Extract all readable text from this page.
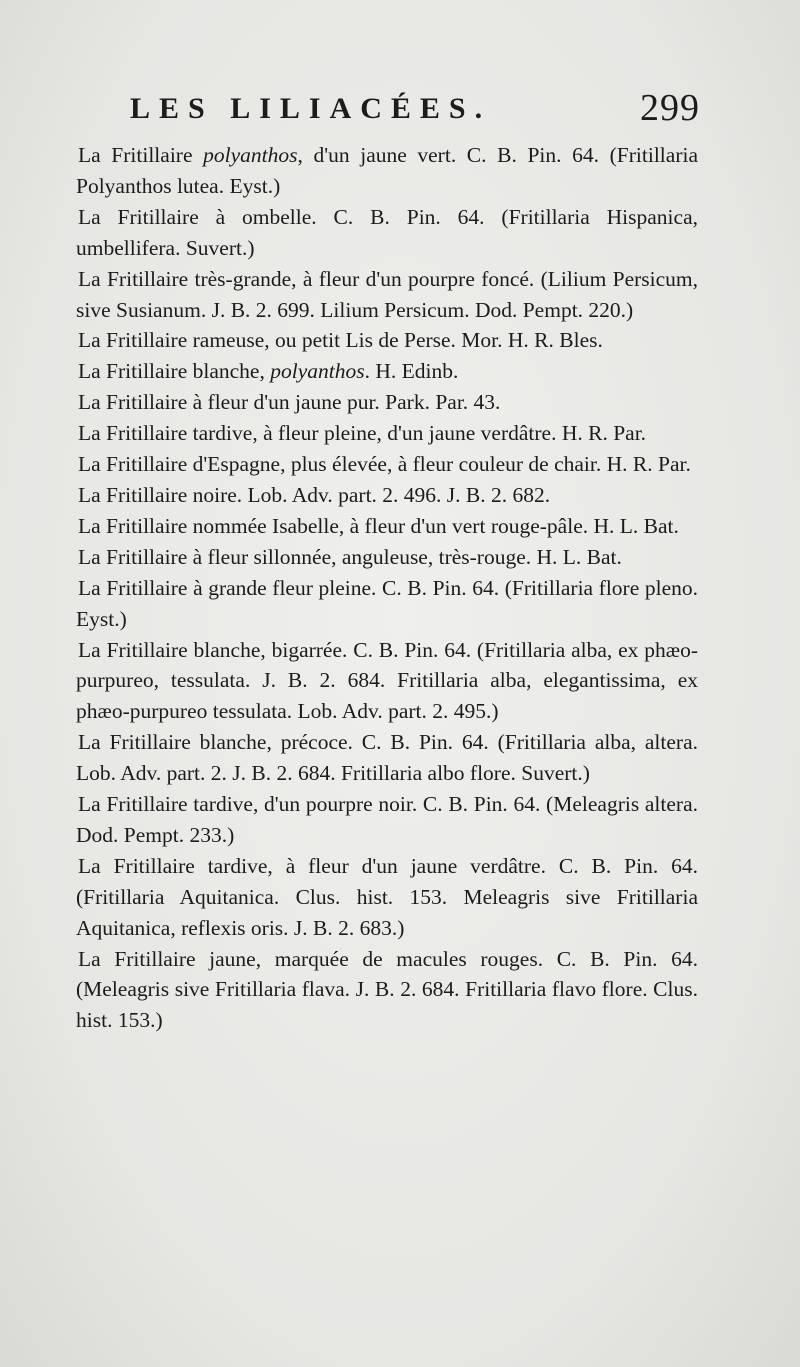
LES LILIACÉES.	299

La Fritillaire polyanthos, d'un jaune vert. C. B. Pin. 64. (Fritillaria Polyanthos lutea. Eyst.)

La Fritillaire à ombelle. C. B. Pin. 64. (Fritillaria Hispanica, umbellifera. Suvert.)

La Fritillaire très-grande, à fleur d'un pourpre foncé. (Lilium Persicum, sive Susianum. J. B. 2. 699. Lilium Persicum. Dod. Pempt. 220.)

La Fritillaire rameuse, ou petit Lis de Perse. Mor. H. R. Bles.

La Fritillaire blanche, polyanthos. H. Edinb.

La Fritillaire à fleur d'un jaune pur. Park. Par. 43.

La Fritillaire tardive, à fleur pleine, d'un jaune verdâtre. H. R. Par.

La Fritillaire d'Espagne, plus élevée, à fleur couleur de chair. H. R. Par.

La Fritillaire noire. Lob. Adv. part. 2. 496. J. B. 2. 682.

La Fritillaire nommée Isabelle, à fleur d'un vert rouge-pâle. H. L. Bat.

La Fritillaire à fleur sillonnée, anguleuse, très-rouge. H. L. Bat.

La Fritillaire à grande fleur pleine. C. B. Pin. 64. (Fritillaria flore pleno. Eyst.)

La Fritillaire blanche, bigarrée. C. B. Pin. 64. (Fritillaria alba, ex phæo-purpureo, tessulata. J. B. 2. 684. Fritillaria alba, elegantissima, ex phæo-purpureo tessulata. Lob. Adv. part. 2. 495.)

La Fritillaire blanche, précoce. C. B. Pin. 64. (Fritillaria alba, altera. Lob. Adv. part. 2. J. B. 2. 684. Fritillaria albo flore. Suvert.)

La Fritillaire tardive, d'un pourpre noir. C. B. Pin. 64. (Meleagris altera. Dod. Pempt. 233.)

La Fritillaire tardive, à fleur d'un jaune verdâtre. C. B. Pin. 64. (Fritillaria Aquitanica. Clus. hist. 153. Meleagris sive Fritillaria Aquitanica, reflexis oris. J. B. 2. 683.)

La Fritillaire jaune, marquée de macules rouges. C. B. Pin. 64. (Meleagris sive Fritillaria flava. J. B. 2. 684. Fritillaria flavo flore. Clus. hist. 153.)
